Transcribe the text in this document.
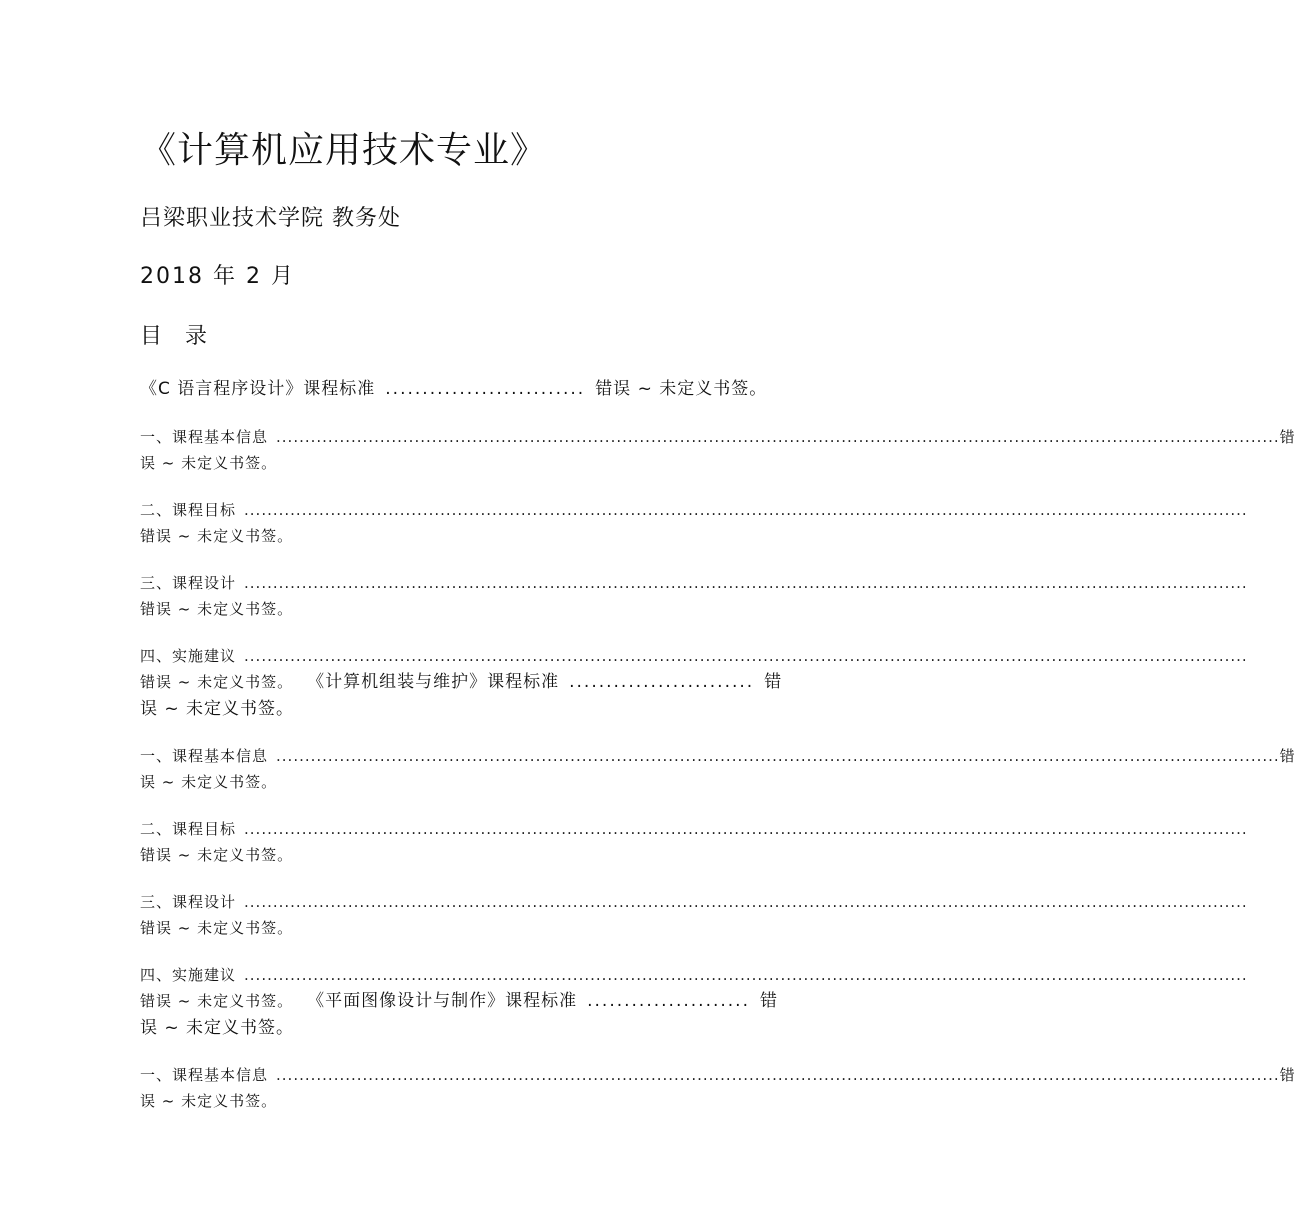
《计算机应用技术专业》
吕梁职业技术学院 教务处
2018 年 2 月
目 录
《C 语言程序设计》课程标准 ........................... 错误 ~ 未定义书签。
一、课程基本信息 .............................................................................................................................................................................. 错
误 ~ 未定义书签。
二、课程目标 ..............................................................................................................................................................................
错误 ~ 未定义书签。
三、课程设计 ..............................................................................................................................................................................
错误 ~ 未定义书签。
四、实施建议 ..............................................................................................................................................................................
错误 ~ 未定义书签。 《计算机组装与维护》课程标准 ......................... 错
误 ~ 未定义书签。
一、课程基本信息 .............................................................................................................................................................................. 错
误 ~ 未定义书签。
二、课程目标 ..............................................................................................................................................................................
错误 ~ 未定义书签。
三、课程设计 ..............................................................................................................................................................................
错误 ~ 未定义书签。
四、实施建议 ..............................................................................................................................................................................
错误 ~ 未定义书签。 《平面图像设计与制作》课程标准 ...................... 错
误 ~ 未定义书签。
一、课程基本信息 .............................................................................................................................................................................. 错
误 ~ 未定义书签。
